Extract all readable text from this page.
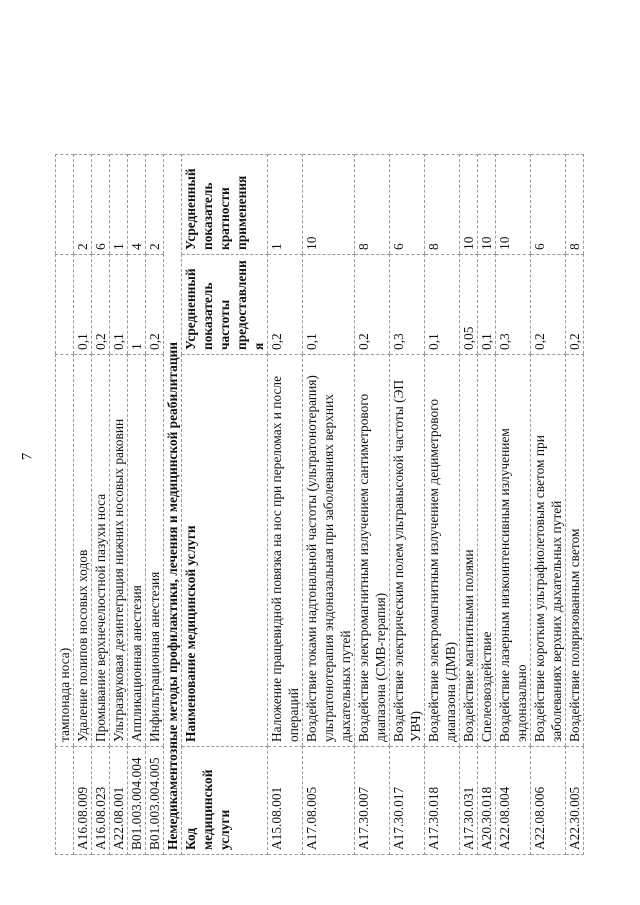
7
	тампонада носа)			
A16.08.009	Удаление полипов носовых ходов	0,1	2	
A16.08.023	Промывание верхнечелюстной пазухи носа	0,2	6	
A22.08.001	Ультразвуковая дезинтеграция нижних носовых раковин	0,1	1	
B01.003.004.004	Аппликационная анестезия	1	4	
B01.003.004.005	Инфильтрационная анестезия	0,2	2	
Немедикаментозные методы профилактики, лечения и медицинской реабилитации				
Код медицинской услуги	Наименование медицинской услуги	Усредненный показатель частоты предоставления	Усредненный показатель кратности применения	
A15.08.001	Наложение пращевидной повязка на нос при переломах и после операций	0,2	1	
A17.08.005	Воздействие токами надтональной частоты (ультратонотерапия) ультратонотерапия эндоназальная при заболеваниях верхних дыхательных путей	0,1	10	
A17.30.007	Воздействие электромагнитным излучением сантиметрового диапазона (СМВ-терапия)	0,2	8	
A17.30.017	Воздействие электрическим полем ультравысокой частоты (ЭП УВЧ)	0,3	6	
A17.30.018	Воздействие электромагнитным излучением дециметрового диапазона (ДМВ)	0,1	8	
A17.30.031	Воздействие магнитными полями	0,05	10	
A20.30.018	Спелеовоздействие	0,1	10	
A22.08.004	Воздействие лазерным низкоинтенсивным излучением эндоназально	0,3	10	
A22.08.006	Воздействие коротким ультрафиолетовым светом при заболеваниях верхних дыхательных путей	0,2	6	
A22.30.005	Воздействие поляризованным светом	0,2	8	
